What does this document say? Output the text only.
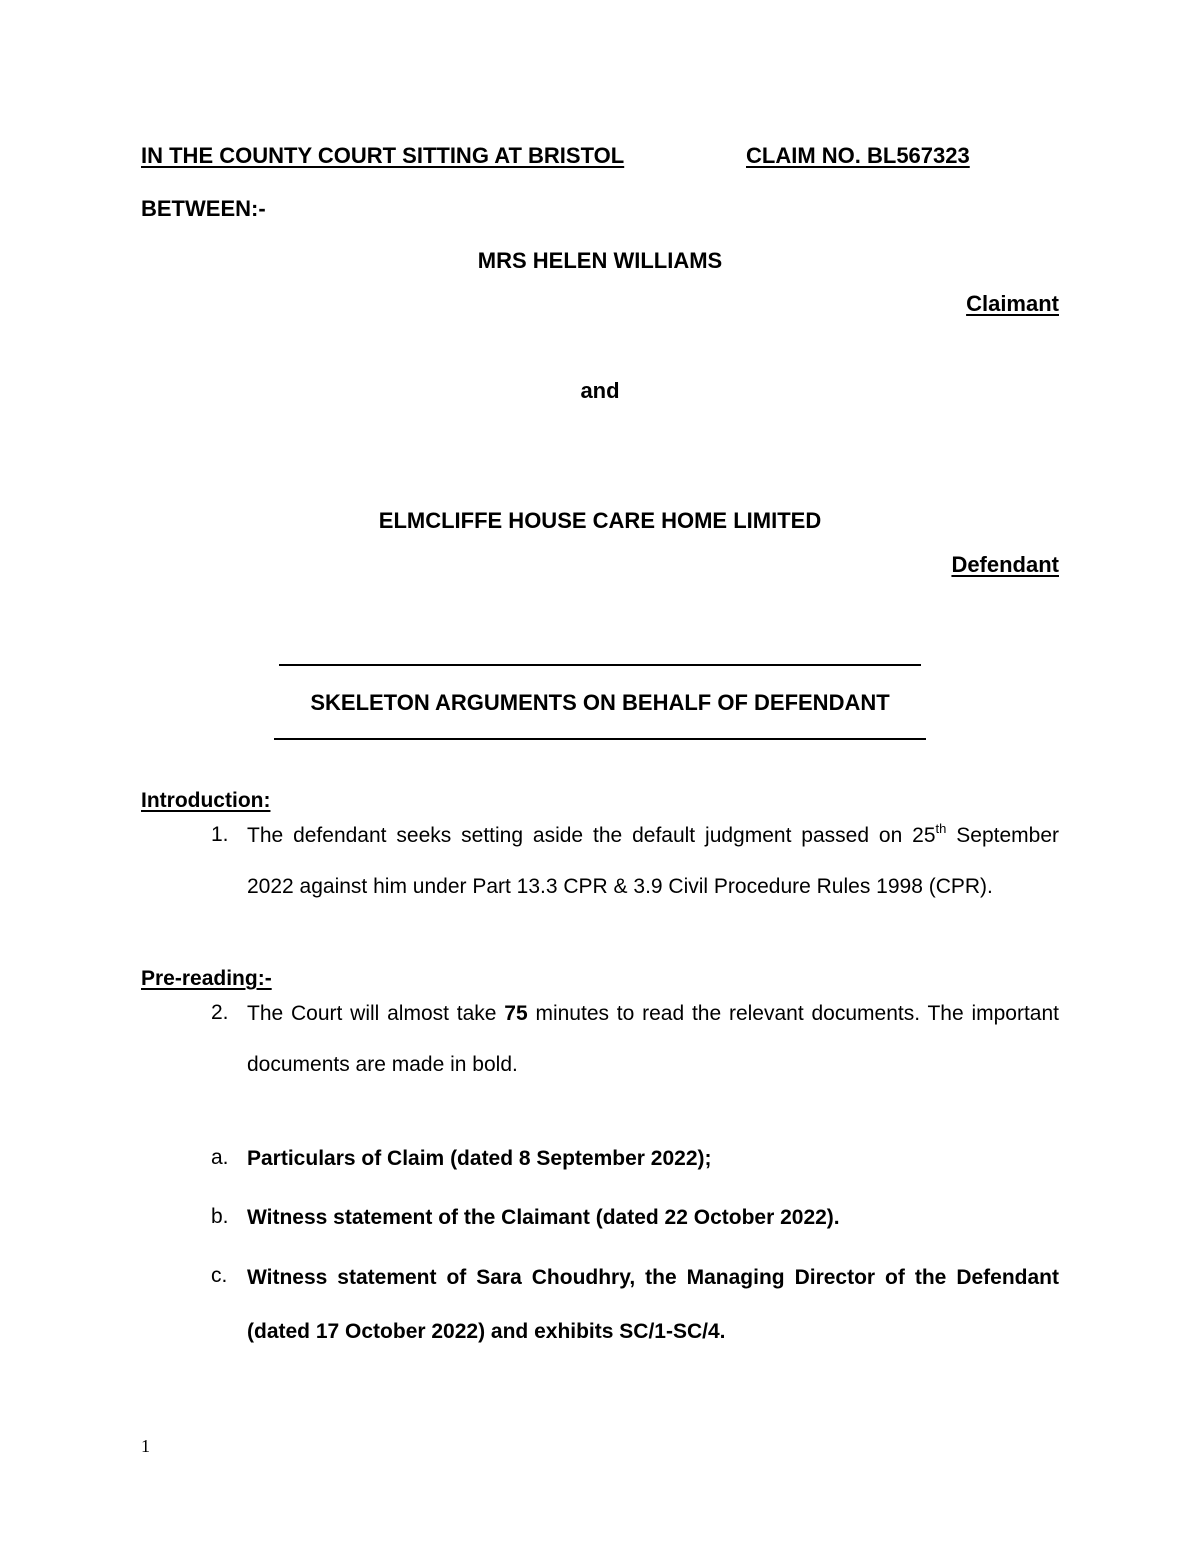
IN THE COUNTY COURT SITTING AT BRISTOL	CLAIM NO. BL567323
BETWEEN:-
MRS HELEN WILLIAMS
Claimant
and
ELMCLIFFE HOUSE CARE HOME LIMITED
Defendant
SKELETON ARGUMENTS ON BEHALF OF DEFENDANT
Introduction:
1. The defendant seeks setting aside the default judgment passed on 25th September
2022 against him under Part 13.3 CPR & 3.9 Civil Procedure Rules 1998 (CPR).
Pre-reading:-
2. The Court will almost take 75 minutes to read the relevant documents. The important documents are made in bold.
a. Particulars of Claim (dated 8 September 2022);
b. Witness statement of the Claimant (dated 22 October 2022).
c. Witness statement of Sara Choudhry, the Managing Director of the Defendant (dated 17 October 2022) and exhibits SC/1-SC/4.
1
